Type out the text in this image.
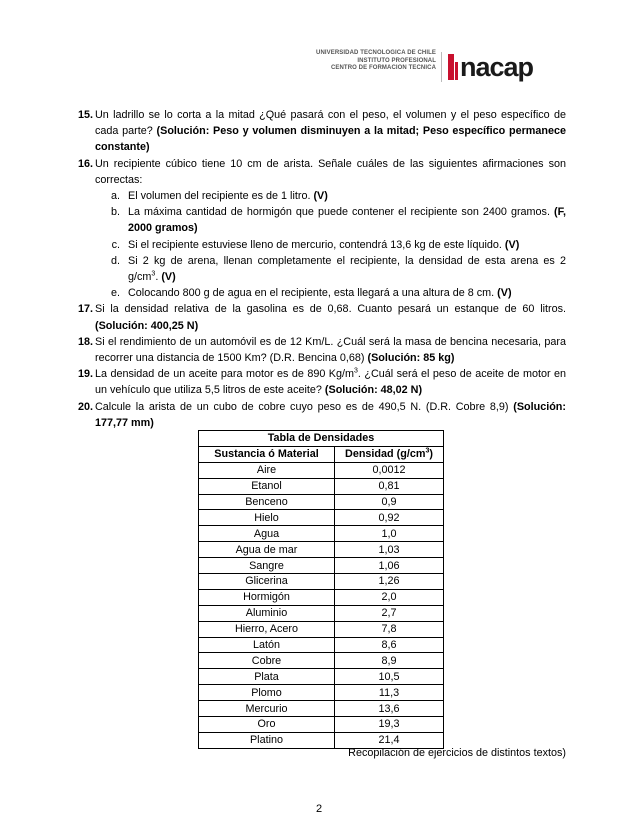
UNIVERSIDAD TECNOLOGICA DE CHILE
INSTITUTO PROFESIONAL
CENTRO DE FORMACION TECNICA nacap
15. Un ladrillo se lo corta a la mitad ¿Qué pasará con el peso, el volumen y el peso específico de cada parte? (Solución: Peso y volumen disminuyen a la mitad; Peso específico permanece constante)
16. Un recipiente cúbico tiene 10 cm de arista. Señale cuáles de las siguientes afirmaciones son correctas:
a. El volumen del recipiente es de 1 litro. (V)
b. La máxima cantidad de hormigón que puede contener el recipiente son 2400 gramos. (F, 2000 gramos)
c. Si el recipiente estuviese lleno de mercurio, contendrá 13,6 kg de este líquido. (V)
d. Si 2 kg de arena, llenan completamente el recipiente, la densidad de esta arena es 2 $g/cm^3$. (V)
e. Colocando 800 g de agua en el recipiente, esta llegará a una altura de 8 cm. (V)
17. Si la densidad relativa de la gasolina es de 0,68. Cuanto pesará un estanque de 60 litros. (Solución: 400,25 N)
18. Si el rendimiento de un automóvil es de 12 Km/L. ¿Cuál será la masa de bencina necesaria, para recorrer una distancia de 1500 Km? (D.R. Bencina 0,68) (Solución: 85 kg)
19. La densidad de un aceite para motor es de 890 $Kg/m^3$. ¿Cuál será el peso de aceite de motor en un vehículo que utiliza 5,5 litros de este aceite? (Solución: 48,02 N)
20. Calcule la arista de un cubo de cobre cuyo peso es de 490,5 N. (D.R. Cobre 8,9) (Solución: 177,77 mm)
Tabla de Densidades	
Sustancia ó Material	Densidad $(g/cm^3)$
Aire	0,0012
Etanol	0,81
Benceno	0,9
Hielo	0,92
Agua	1,0
Agua de mar	1,03
Sangre	1,06
Glicerina	1,26
Hormigón	2,0
Aluminio	2,7
Hierro, Acero	7,8
Latón	8,6
Cobre	8,9
Plata	10,5
Plomo	11,3
Mercurio	13,6
Oro	19,3
Platino	21,4
Recopilación de ejercicios de distintos textos)
2
